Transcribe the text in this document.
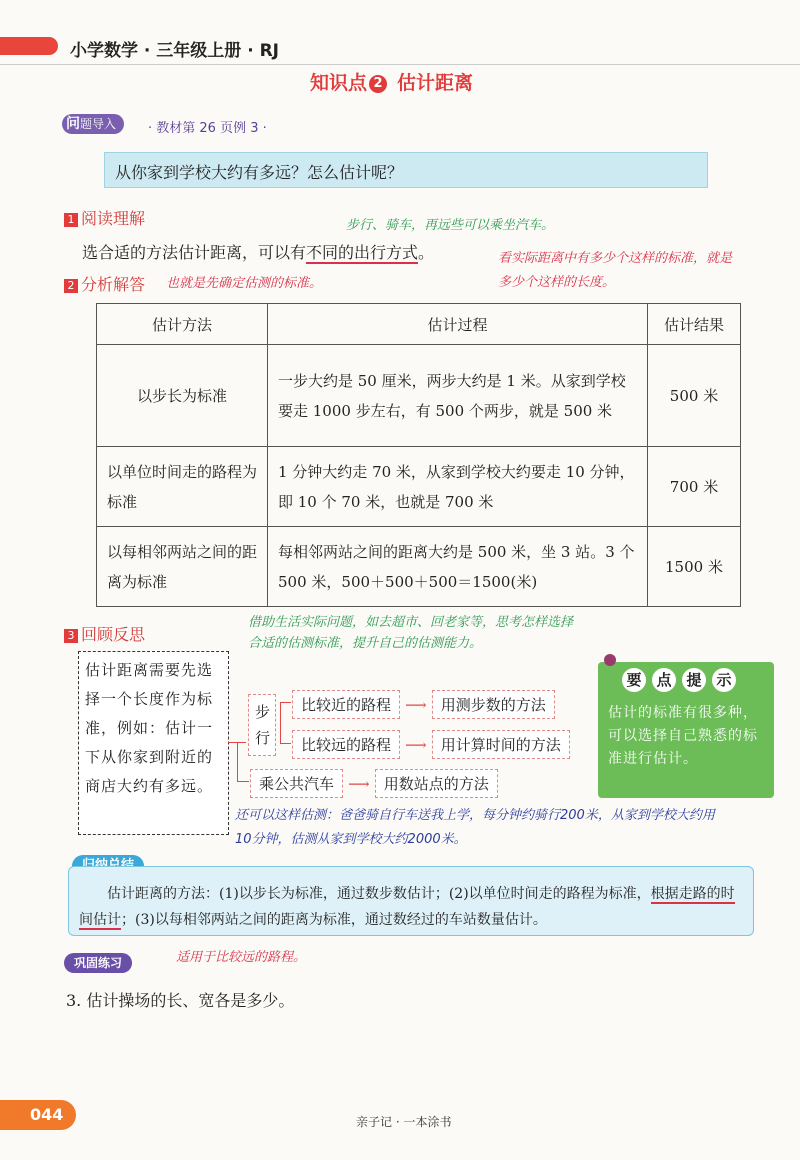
小学数学 · 三年级上册 · RJ
知识点 2 估计距离
问题导入	· 教材第 26 页例 3 ·
从你家到学校大约有多远？怎么估计呢？
1 阅读理解	步行、骑车，再远些可以乘坐汽车。
选合适的方法估计距离，可以有不同的出行方式。	看实际距离中有多少个这样的标准，就是多少个这样的长度。
2 分析解答 也就是先确定估测的标准。
估计方法	估计过程	估计结果
以步长为标准	一步大约是 50 厘米，两步大约是 1 米。从家到学校要走 1000 步左右，有 500 个两步，就是 500 米	500 米
以单位时间走的路程为标准	1 分钟大约走 70 米，从家到学校大约要走 10 分钟，即 10 个 70 米，也就是 700 米	700 米
以每相邻两站之间的距离为标准	每相邻两站之间的距离大约是 500 米，坐 3 站。3 个 500 米，500＋500＋500＝1500(米)	1500 米
3 回顾反思
借助生活实际问题，如去超市、回老家等，思考怎样选择合适的估测标准，提升自己的估测能力。
估计距离需要先选择一个长度作为标准，例如：估计一下从你家到附近的商店大约有多远。
步行
比较近的路程 ⟶ 用测步数的方法
比较远的路程 ⟶ 用计算时间的方法
乘公共汽车 ⟶ 用数站点的方法
还可以这样估测：爸爸骑自行车送我上学，每分钟约骑行200米，从家到学校大约用10分钟，估测从家到学校大约2000米。
要 点 提 示
估计的标准有很多种，可以选择自己熟悉的标准进行估计。
估计距离的方法：(1)以步长为标准，通过数步数估计；(2)以单位时间走的路程为标准，根据走路的时间估计；(3)以每相邻两站之间的距离为标准，通过数经过的车站数量估计。
巩固练习	适用于比较远的路程。
3. 估计操场的长、宽各是多少。
044	亲子记 · 一本涂书
